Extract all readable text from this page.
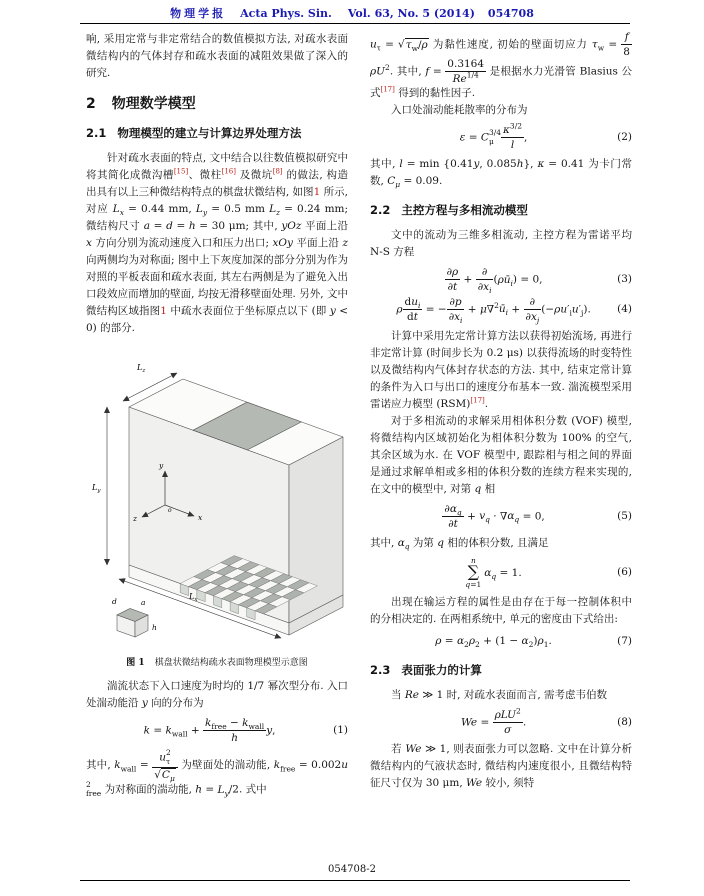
物理学报 Acta Phys. Sin. Vol. 63, No. 5 (2014) 054708

响, 采用定常与非定常结合的数值模拟方法, 对疏水表面微结构内的气体封存和疏水表面的减阻效果做了深入的研究.

2 物理数学模型
2.1 物理模型的建立与计算边界处理方法

针对疏水表面的特点, 文中结合以往数值模拟研究中将其简化成微沟槽[15]、微柱[16] 及微坑[8] 的做法, 构造出具有以上三种微结构特点的棋盘状微结构, 如图1 所示, 对应 $L_x = 0.44$ mm, $L_y = 0.5$ mm $L_z = 0.24$ mm; 微结构尺寸 a = d = h = 30 μm; 其中, yOz 平面上沿 x 方向分别为流动速度入口和压力出口; xOy 平面上沿 z 向两侧均为对称面; 图中上下灰度加深的部分分别为作为对照的平板表面和疏水表面, 其左右两侧是为了避免入出口段效应而增加的壁面, 均按无滑移壁面处理. 另外, 文中微结构区域指图1 中疏水表面位于坐标原点以下 (即 y < 0) 的部分.

$L_z$
$L_y$
$L_x$
y
x
z
o
d	a
h
图 1 棋盘状微结构疏水表面物理模型示意图

湍流状态下入口速度为时均的 1/7 幂次型分布. 入口处湍动能沿 y 向的分布为

$k = k_{wall} + \frac{k_{free} - k_{wall}}{h} y$,	(1)

其中, $k_{wall} = u$ 2
τ
$√C_\mu$ 为壁面处的湍动能, $k_{free} = 0.002u$
2
free 为对称面的湍动能, $h = L_y/2$. 式中

$u_\tau = √\tau_w/\rho$ 为黏性速度, 初始的壁面切应力 $\tau_w = \frac{f}{8}$
$\rho U^2$. 其中, $f = \frac{0.3164}{Re^{1/4}}$ 是根据水力光滑管 Blasius 公式[17] 得到的黏性因子.

入口处湍动能耗散率的分布为

ε = C 3/4
μ $\frac{\kappa^{3/2}}{l}$ ,	(2)

其中, l = min {0.41y, 0.085h}, κ = 0.41 为卡门常数, $C_\mu = 0.09$.

2.2 主控方程与多相流动模型

文中的流动为三维多相流动, 主控方程为雷诺平均 N-S 方程

$\frac{\partial\rho}{\partial t} + \frac{\partial}{\partial x_i}$ $(\rho ū_i) = 0$,	(3)
ρ $\frac{du_i}{dt}$ = − $\frac{\partial p}{\partial x_i}$ + $\mu\nabla^2ū_i + \frac{\partial}{\partial x_j} (-\rho u'_iu'_j)$.	(4)

计算中采用先定常计算方法以获得初始流场, 再进行非定常计算 (时间步长为 0.2 μs) 以获得流场的时变特性以及微结构内气体封存状态的方法. 其中, 结束定常计算的条件为入口与出口的速度分布基本一致. 湍流模型采用雷诺应力模型 (RSM)[17].

对于多相流动的求解采用相体积分数 (VOF) 模型, 将微结构内区域初始化为相体积分数为 100% 的空气, 其余区域为水. 在 VOF 模型中, 跟踪相与相之间的界面是通过求解单相或多相的体积分数的连续方程来实现的, 在文中的模型中, 对第 q 相

$\frac{\partial\alpha_q}{\partial t} + v_q \cdot \nabla\alpha_q = 0$,	(5)

其中, $\alpha_q$ 为第 q 相的体积分数, 且满足

n
∑
q=1
$\alpha_q = 1$.	(6)

出现在输运方程的属性是由存在于每一控制体积中的分相决定的. 在两相系统中, 单元的密度由下式给出:

$\rho = \alpha_2\rho_2 + (1 - \alpha_2)\rho_1$.	(7)
2.3 表面张力的计算

当 Re ≫ 1 时, 对疏水表面而言, 需考虑韦伯数

$We = \frac{\rho LU^2}{\sigma}$ .	(8)

若 We ≫ 1, 则表面张力可以忽略. 文中在计算分析微结构内的气液状态时, 微结构内速度很小, 且微结构特征尺寸仅为 30 μm, We 较小, 须特

054708-2
